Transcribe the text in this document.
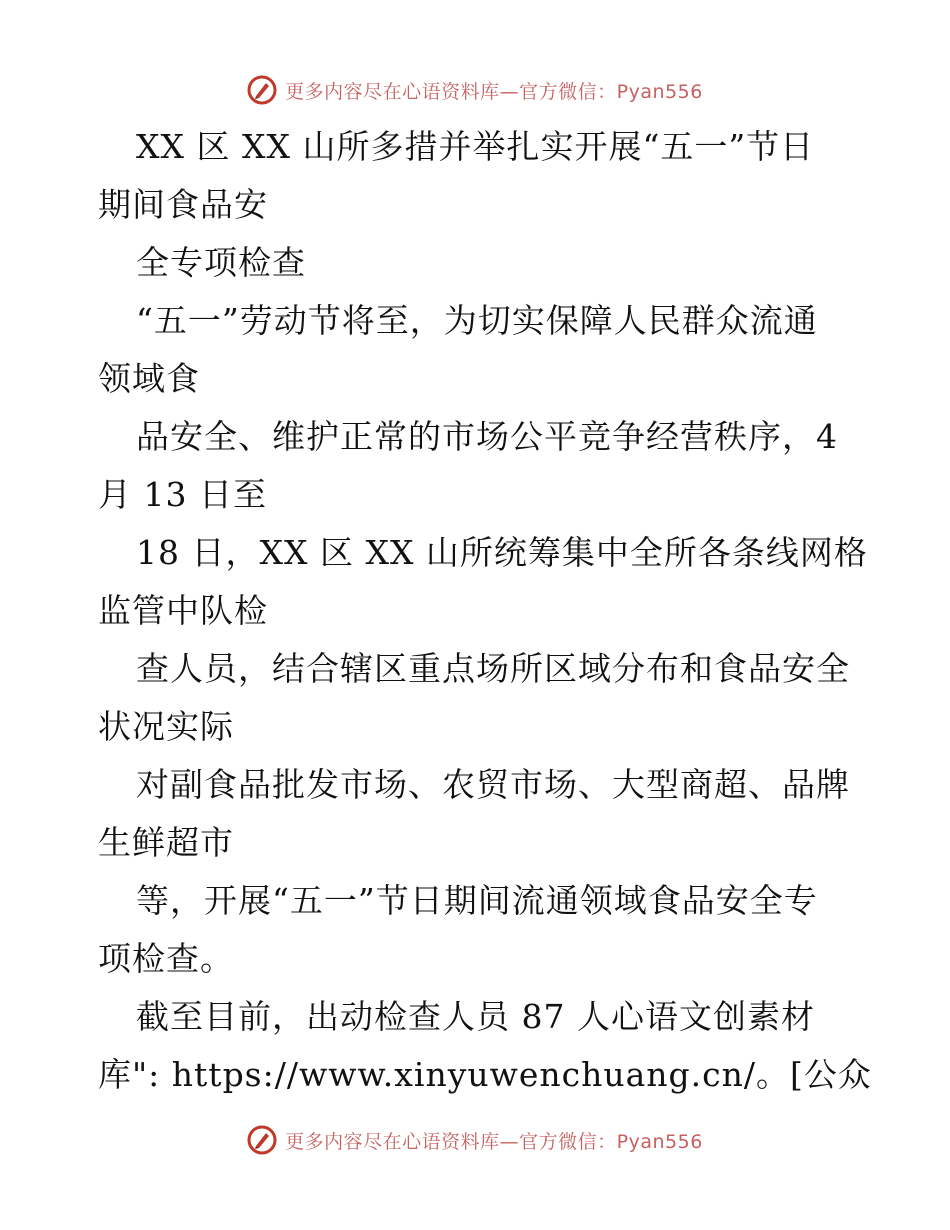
更多内容尽在心语资料库—官方微信：Pyan556
XX 区 XX 山所多措并举扎实开展“五一”节日
期间食品安
全专项检查
“五一”劳动节将至，为切实保障人民群众流通
领域食
品安全、维护正常的市场公平竞争经营秩序，4
月 13 日至
18 日，XX 区 XX 山所统筹集中全所各条线网格
监管中队检
查人员，结合辖区重点场所区域分布和食品安全
状况实际
对副食品批发市场、农贸市场、大型商超、品牌
生鲜超市
等，开展“五一”节日期间流通领域食品安全专
项检查。
截至目前，出动检查人员 87 人心语文创素材
库": https://www.xinyuwenchuang.cn/。[公众
更多内容尽在心语资料库—官方微信：Pyan556
